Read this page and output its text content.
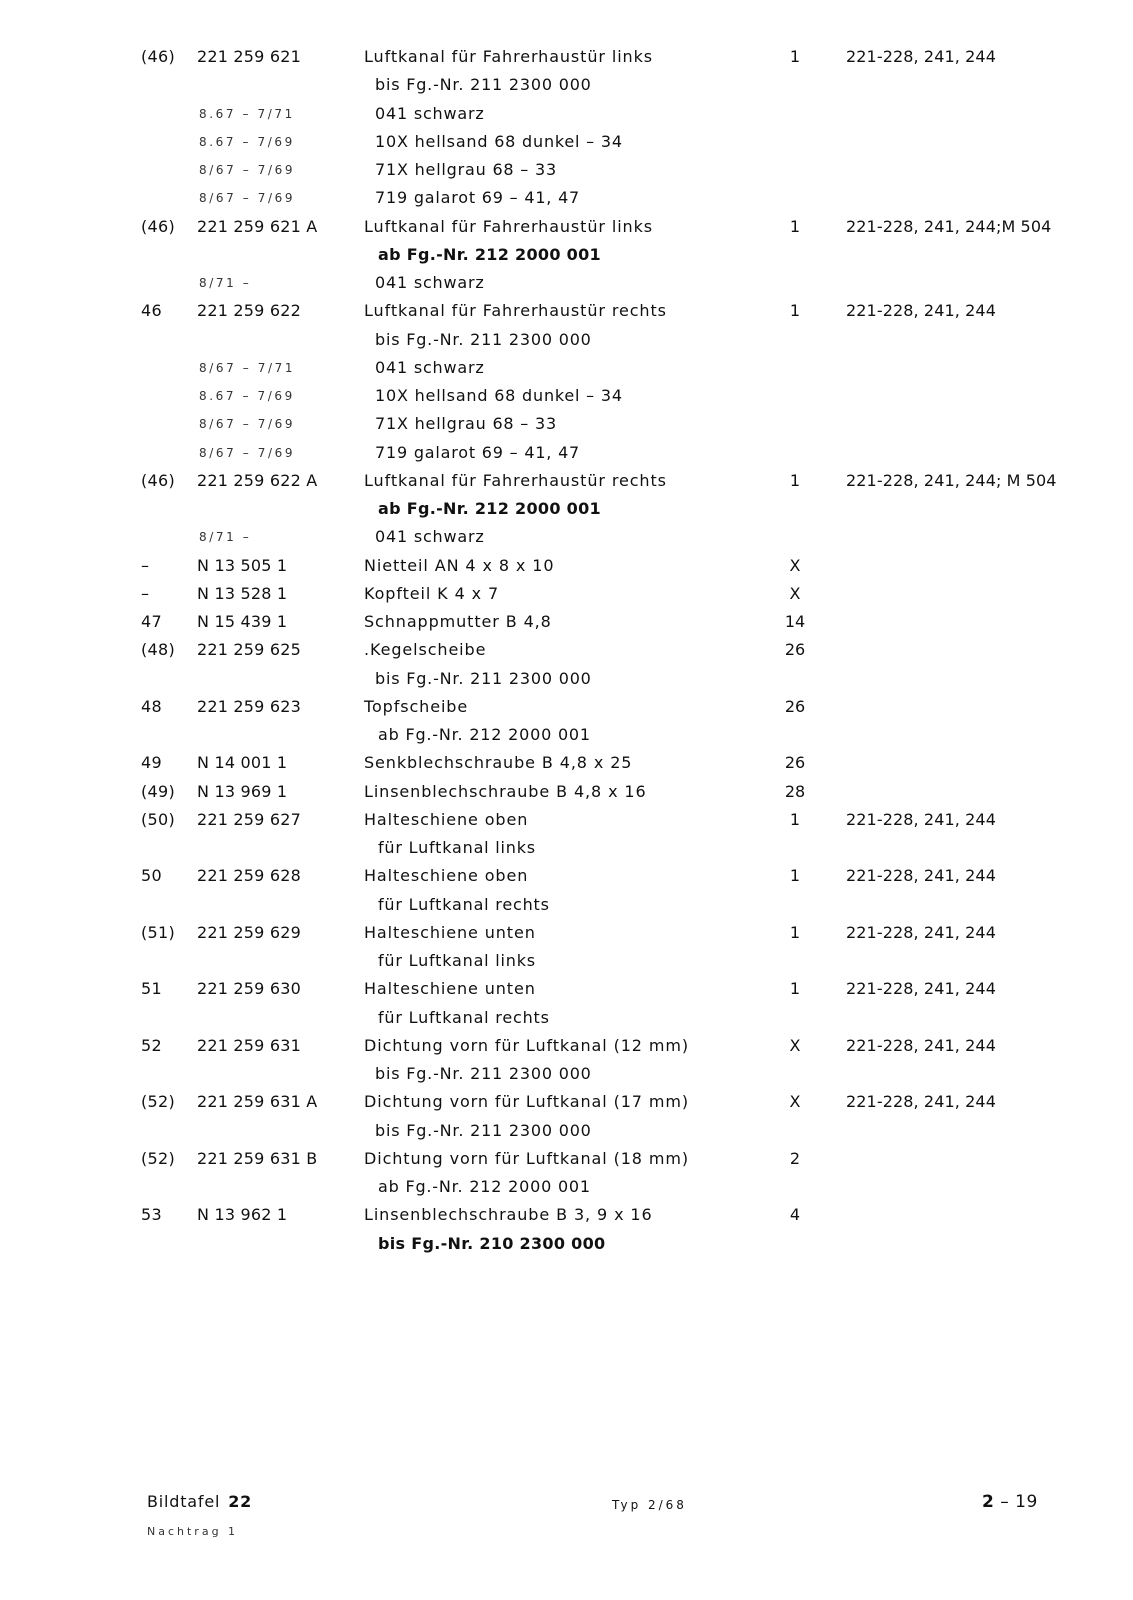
(46) 221 259 621	Luftkanal für Fahrerhaustür links	1	221-228, 241, 244
bis Fg.-Nr. 211 2300 000
8.67 – 7/71	041 schwarz
8.67 – 7/69	10X hellsand 68 dunkel – 34
8/67 – 7/69	71X hellgrau 68 – 33
8/67 – 7/69	719 galarot 69 – 41, 47
(46) 221 259 621 A	Luftkanal für Fahrerhaustür links	1	221-228, 241, 244;M 504
ab Fg.-Nr. 212 2000 001
8/71 –	041 schwarz
46 221 259 622	Luftkanal für Fahrerhaustür rechts	1	221-228, 241, 244
bis Fg.-Nr. 211 2300 000
8/67 – 7/71	041 schwarz
8.67 – 7/69	10X hellsand 68 dunkel – 34
8/67 – 7/69	71X hellgrau 68 – 33
8/67 – 7/69	719 galarot 69 – 41, 47
(46) 221 259 622 A	Luftkanal für Fahrerhaustür rechts	1	221-228, 241, 244; M 504
ab Fg.-Nr. 212 2000 001
8/71 –	041 schwarz
–	N 13 505 1	Nietteil AN 4 x 8 x 10	X
–	N 13 528 1	Kopfteil K 4 x 7	X
47 N 15 439 1	Schnappmutter B 4,8	14
(48) 221 259 625	.Kegelscheibe	26
bis Fg.-Nr. 211 2300 000
48 221 259 623	Topfscheibe	26
ab Fg.-Nr. 212 2000 001
49 N 14 001 1	Senkblechschraube B 4,8 x 25	26
(49) N 13 969 1	Linsenblechschraube B 4,8 x 16	28
(50) 221 259 627	Halteschiene oben	1	221-228, 241, 244
für Luftkanal links
50 221 259 628	Halteschiene oben	1	221-228, 241, 244
für Luftkanal rechts
(51) 221 259 629	Halteschiene unten	1	221-228, 241, 244
für Luftkanal links
51 221 259 630	Halteschiene unten	1	221-228, 241, 244
für Luftkanal rechts
52 221 259 631	Dichtung vorn für Luftkanal (12 mm)	X	221-228, 241, 244
bis Fg.-Nr. 211 2300 000
(52) 221 259 631 A	Dichtung vorn für Luftkanal (17 mm)	X	221-228, 241, 244
bis Fg.-Nr. 211 2300 000
(52) 221 259 631 B	Dichtung vorn für Luftkanal (18 mm)	2
ab Fg.-Nr. 212 2000 001
53 N 13 962 1	Linsenblechschraube B 3, 9 x 16	4
bis Fg.-Nr. 210 2300 000
Bildtafel 22
Nachtrag 1
Typ 2/68	2 – 19
